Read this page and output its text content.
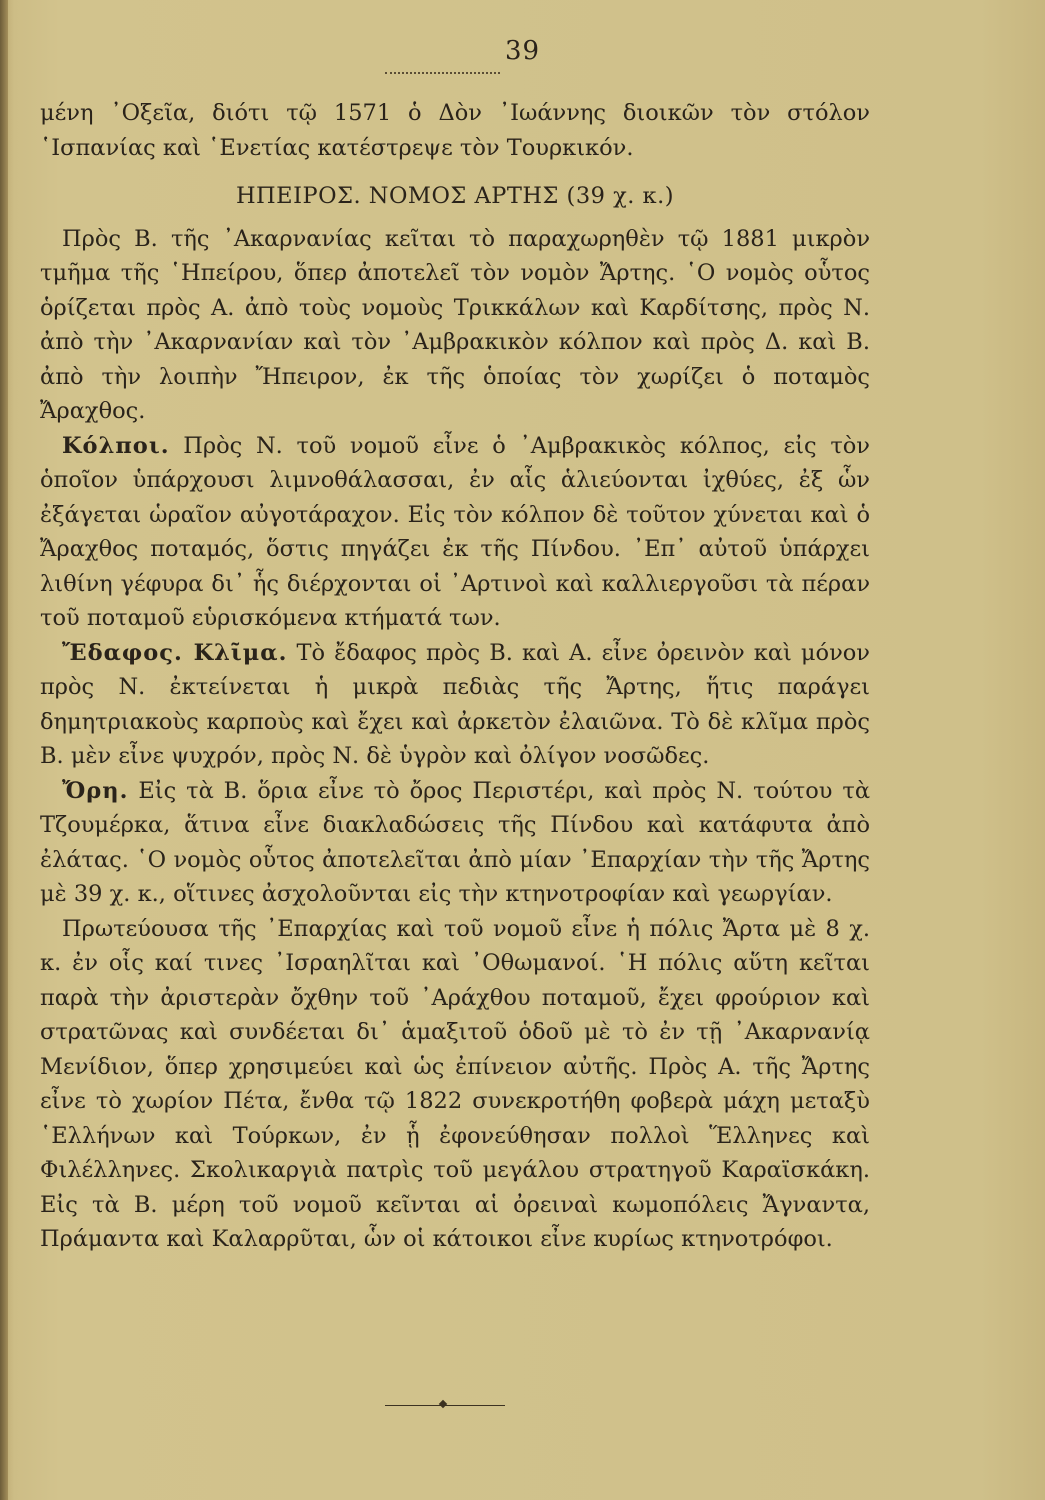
39

μένη ᾿Οξεῖα, διότι τῷ 1571 ὁ Δὸν ᾿Ιωάννης διοικῶν τὸν στόλον ῾Ισπανίας καὶ ῾Ενετίας κατέστρεψε τὸν Τουρκικόν.

ΗΠΕΙΡΟΣ. ΝΟΜΟΣ ΑΡΤΗΣ (39 χ. κ.)

Πρὸς Β. τῆς ᾿Ακαρνανίας κεῖται τὸ παραχωρηθὲν τῷ 1881 μικρὸν τμῆμα τῆς ῾Ηπείρου, ὅπερ ἀποτελεῖ τὸν νομὸν Ἄρτης. ῾Ο νομὸς οὗτος ὁρίζεται πρὸς Α. ἀπὸ τοὺς νομοὺς Τρικκάλων καὶ Καρδίτσης, πρὸς Ν. ἀπὸ τὴν ᾿Ακαρνανίαν καὶ τὸν ᾿Αμβρακικὸν κόλπον καὶ πρὸς Δ. καὶ Β. ἀπὸ τὴν λοιπὴν Ἤπειρον, ἐκ τῆς ὁποίας τὸν χωρίζει ὁ ποταμὸς Ἄραχθος.

Κόλποι. Πρὸς Ν. τοῦ νομοῦ εἶνε ὁ ᾿Αμβρακικὸς κόλπος, εἰς τὸν ὁποῖον ὑπάρχουσι λιμνοθάλασσαι, ἐν αἷς ἁλιεύονται ἰχθύες, ἐξ ὧν ἐξάγεται ὡραῖον αὐγοτάραχον. Εἰς τὸν κόλπον δὲ τοῦτον χύνεται καὶ ὁ Ἄραχθος ποταμός, ὅστις πηγάζει ἐκ τῆς Πίνδου. ᾿Επ᾿ αὐτοῦ ὑπάρχει λιθίνη γέφυρα δι᾿ ἧς διέρχονται οἱ ᾿Αρτινοὶ καὶ καλλιεργοῦσι τὰ πέραν τοῦ ποταμοῦ εὑρισκόμενα κτήματά των.

Ἔδαφος. Κλῖμα. Τὸ ἔδαφος πρὸς Β. καὶ Α. εἶνε ὀρεινὸν καὶ μόνον πρὸς Ν. ἐκτείνεται ἡ μικρὰ πεδιὰς τῆς Ἄρτης, ἥτις παράγει δημητριακοὺς καρποὺς καὶ ἔχει καὶ ἀρκετὸν ἐλαιῶνα. Τὸ δὲ κλῖμα πρὸς Β. μὲν εἶνε ψυχρόν, πρὸς Ν. δὲ ὑγρὸν καὶ ὀλίγον νοσῶδες.

Ὄρη. Εἰς τὰ Β. ὅρια εἶνε τὸ ὄρος Περιστέρι, καὶ πρὸς Ν. τούτου τὰ Τζουμέρκα, ἅτινα εἶνε διακλαδώσεις τῆς Πίνδου καὶ κατάφυτα ἀπὸ ἐλάτας. ῾Ο νομὸς οὗτος ἀποτελεῖται ἀπὸ μίαν ᾿Επαρχίαν τὴν τῆς Ἄρτης μὲ 39 χ. κ., οἵτινες ἀσχολοῦνται εἰς τὴν κτηνοτροφίαν καὶ γεωργίαν.

Πρωτεύουσα τῆς ᾿Επαρχίας καὶ τοῦ νομοῦ εἶνε ἡ πόλις Ἄρτα μὲ 8 χ. κ. ἐν οἷς καί τινες ᾿Ισραηλῖται καὶ ᾿Οθωμανοί. ῾Η πόλις αὕτη κεῖται παρὰ τὴν ἀριστερὰν ὄχθην τοῦ ᾿Αράχθου ποταμοῦ, ἔχει φρούριον καὶ στρατῶνας καὶ συνδέεται δι᾿ ἁμαξιτοῦ ὁδοῦ μὲ τὸ ἐν τῇ ᾿Ακαρνανίᾳ Μενίδιον, ὅπερ χρησιμεύει καὶ ὡς ἐπίνειον αὐτῆς. Πρὸς Α. τῆς Ἄρτης εἶνε τὸ χωρίον Πέτα, ἔνθα τῷ 1822 συνεκροτήθη φοβερὰ μάχη μεταξὺ ῾Ελλήνων καὶ Τούρκων, ἐν ᾗ ἐφονεύθησαν πολλοὶ Ἕλληνες καὶ Φιλέλληνες. Σκολικαργιὰ πατρὶς τοῦ μεγάλου στρατηγοῦ Καραϊσκάκη. Εἰς τὰ Β. μέρη τοῦ νομοῦ κεῖνται αἱ ὀρειναὶ κωμοπόλεις Ἄγναντα, Πράμαντα καὶ Καλαρρῦται, ὧν οἱ κάτοικοι εἶνε κυρίως κτηνοτρόφοι.
